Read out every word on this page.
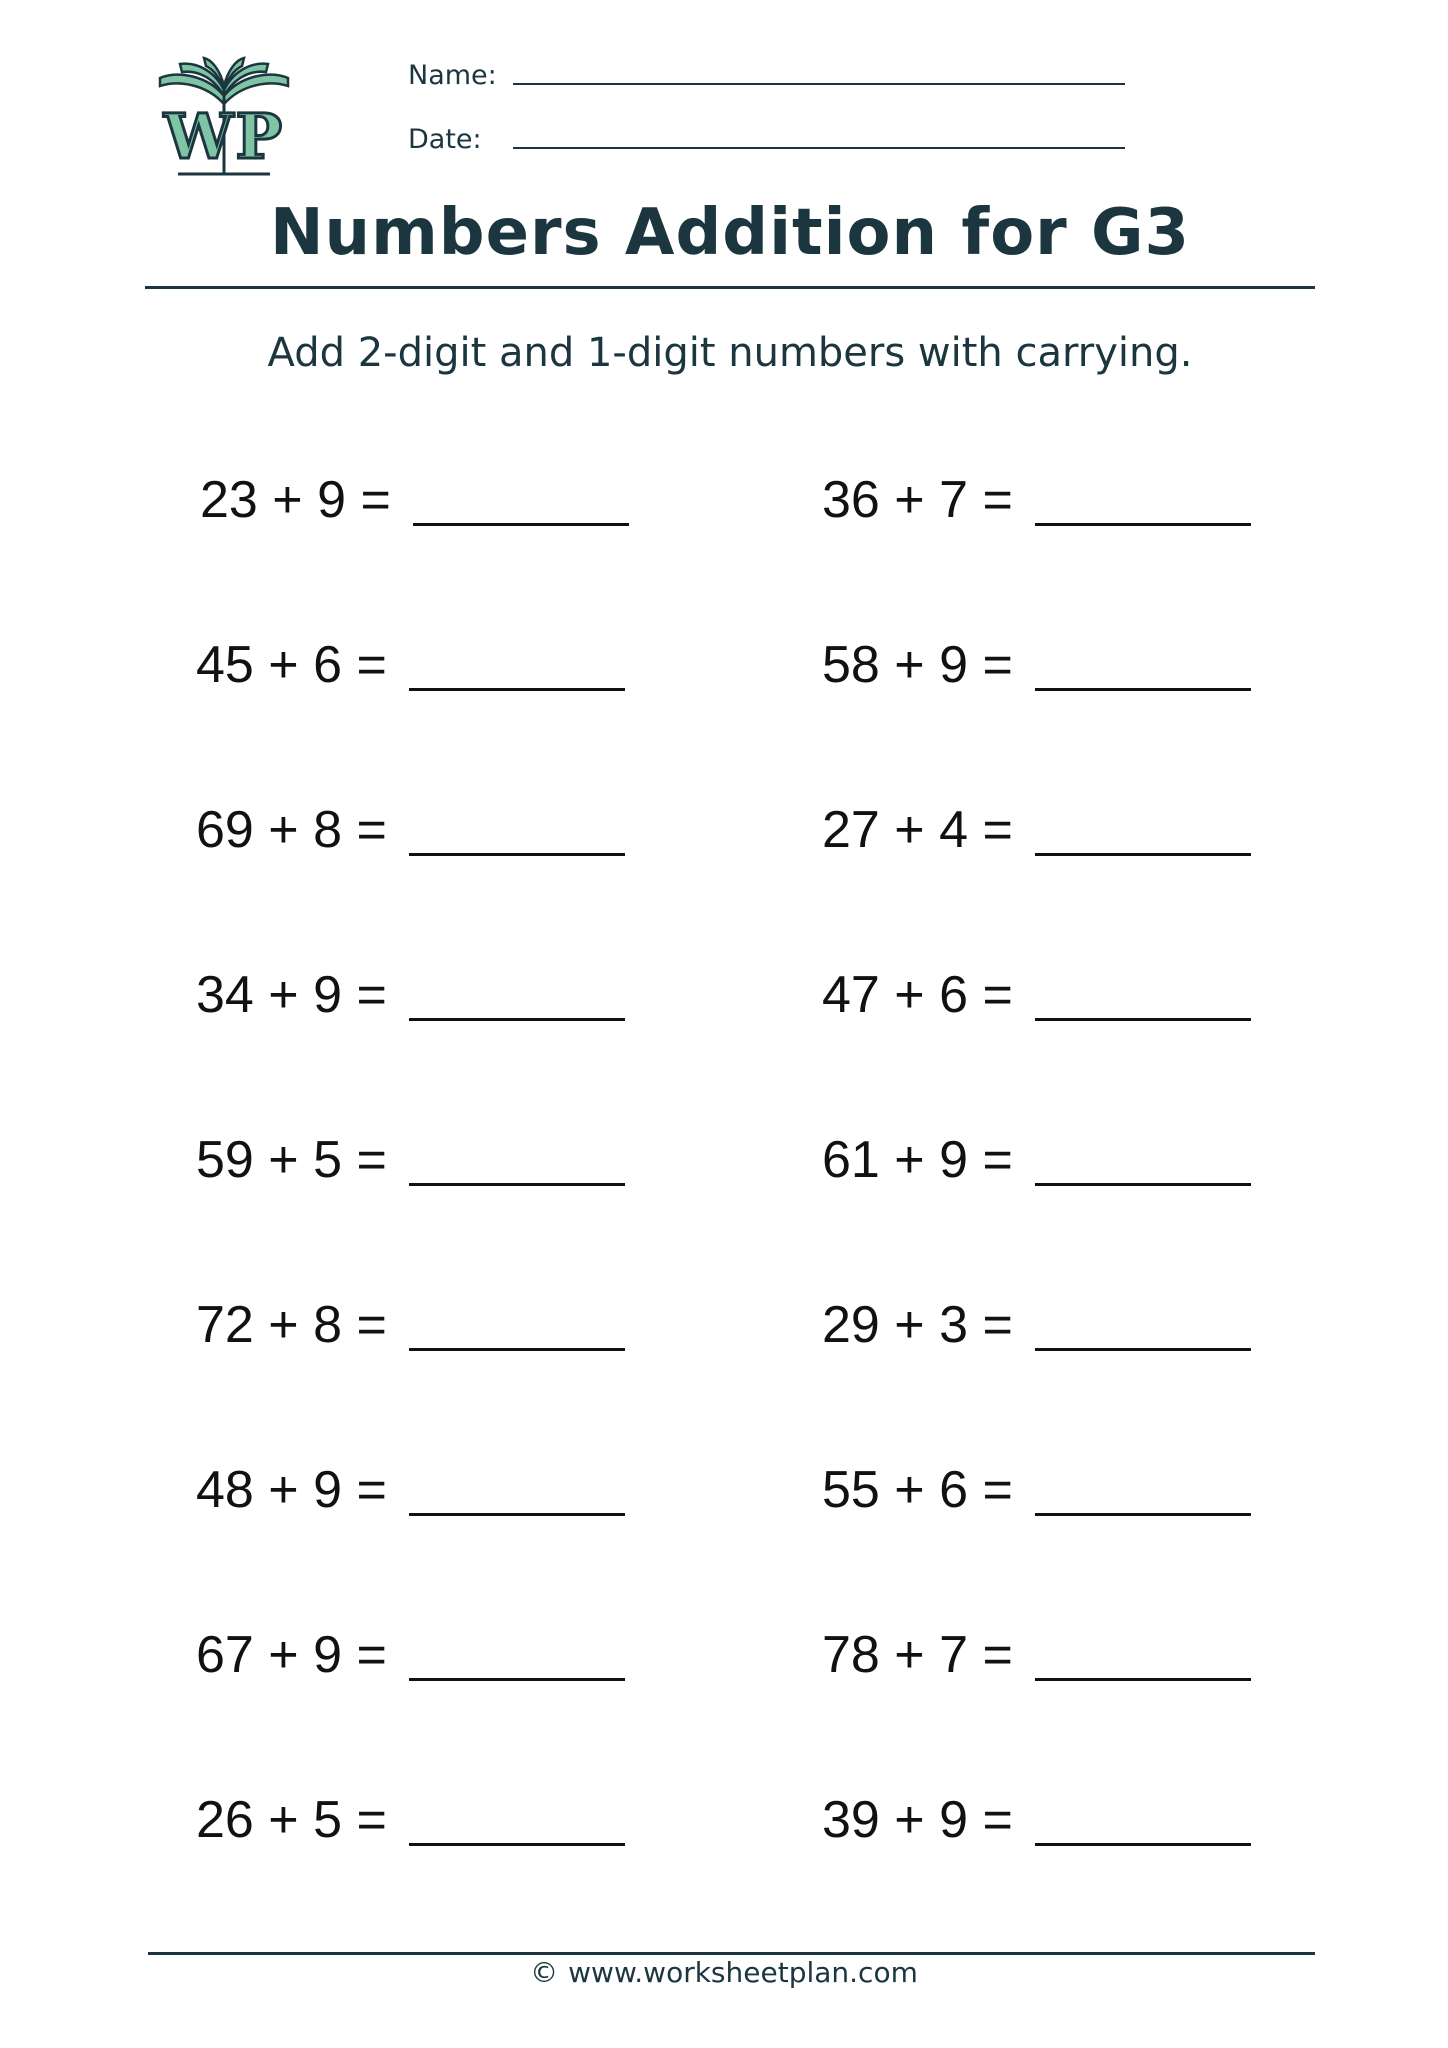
WP
Name:
Date:
Numbers Addition for G3
Add 2-digit and 1-digit numbers with carrying.
23 + 9 =
45 + 6 =
69 + 8 =
34 + 9 =
59 + 5 =
72 + 8 =
48 + 9 =
67 + 9 =
26 + 5 =
36 + 7 =
58 + 9 =
27 + 4 =
47 + 6 =
61 + 9 =
29 + 3 =
55 + 6 =
78 + 7 =
39 + 9 =
© www.worksheetplan.com
